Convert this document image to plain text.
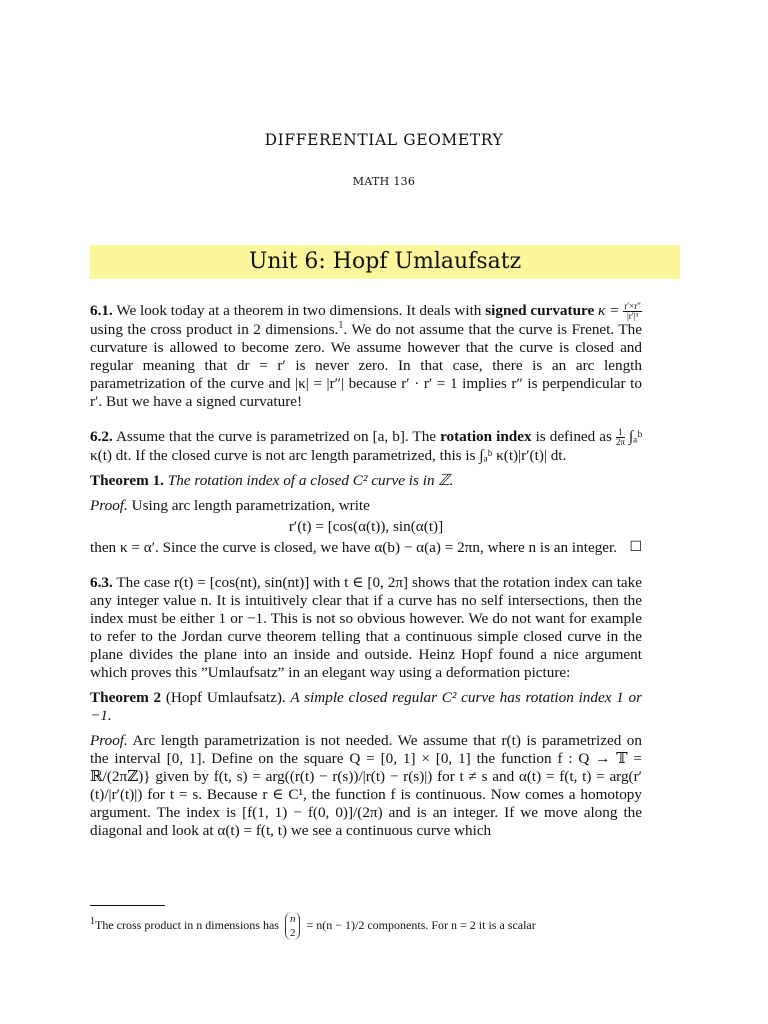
DIFFERENTIAL GEOMETRY
MATH 136
Unit 6: Hopf Umlaufsatz

6.1. We look today at a theorem in two dimensions. It deals with signed curvature $\kappa = \frac{r'\times r''}{\text{|r′|³}}$
using the cross product in 2 dimensions.$^1$. We do not assume that the curve is Frenet. The curvature is allowed to become zero. We assume however that the curve is closed and regular meaning that dr = r′ is never zero. In that case, there is an arc length parametrization of the curve and |κ| = |r″| because r′ · r′ = 1 implies r″ is perpendicular to r′. But we have a signed curvature!

6.2. Assume that the curve is parametrized on [a, b]. The rotation index is defined as $\frac{1}{2\pi}$ ∫ₐᵇ κ(t) dt. If the closed curve is not arc length parametrized, this is ∫ₐᵇ κ(t)|r′(t)| dt.

Theorem 1. The rotation index of a closed C² curve is in ℤ.

Proof. Using arc length parametrization, write
r′(t) = [cos(α(t)), sin(α(t)]
then κ = α′. Since the curve is closed, we have α(b) − α(a) = 2πn, where n is an integer. ☐

6.3. The case r(t) = [cos(nt), sin(nt)] with t ∈ [0, 2π] shows that the rotation index can take any integer value n. It is intuitively clear that if a curve has no self intersections, then the index must be either 1 or −1. This is not so obvious however. We do not want for example to refer to the Jordan curve theorem telling that a continuous simple closed curve in the plane divides the plane into an inside and outside. Heinz Hopf found a nice argument which proves this ”Umlaufsatz” in an elegant way using a deformation picture:

Theorem 2 (Hopf Umlaufsatz). A simple closed regular C² curve has rotation index 1 or −1.

Proof. Arc length parametrization is not needed. We assume that r(t) is parametrized on the interval [0, 1]. Define on the square Q = [0, 1] × [0, 1] the function f : Q → 𝕋 = ℝ/(2πℤ)} given by f(t, s) = arg((r(t) − r(s))/|r(t) − r(s)|) for t ≠ s and α(t) = f(t, t) = arg(r′(t)/|r′(t)|) for t = s. Because r ∈ C¹, the function f is continuous. Now comes a homotopy argument. The index is [f(1, 1) − f(0, 0)]/(2π) and is an integer. If we move along the diagonal and look at α(t) = f(t, t) we see a continuous curve which

$^1$The cross product in n dimensions has n
2
= n(n − 1)/2 components. For n = 2 it is a scalar
